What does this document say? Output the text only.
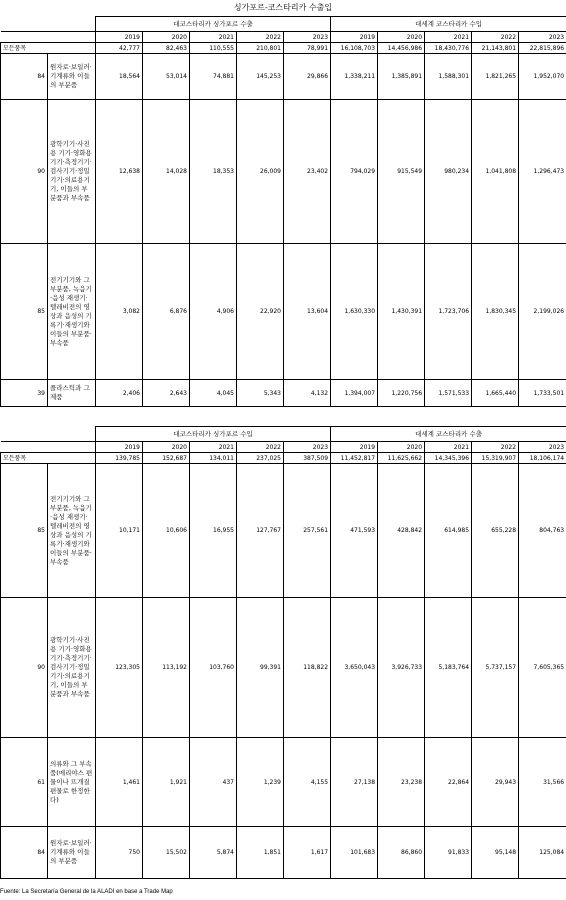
싱가포르-코스타리카 수출입
		대코스타리카 싱가포르 수출					대세계 코스타리카 수입				
		2019	2020	2021	2022	2023	2019	2020	2021	2022	2023
모든품목		42,777	82,463	110,555	210,801	78,991	16,108,703	14,456,986	18,430,776	21,143,801	22,815,896
84	원자로·보일러·기계류와 이들의 부분품	18,564	53,014	74,881	145,253	29,866	1,338,211	1,385,891	1,588,301	1,821,265	1,952,070
90	광학기기·사진용 기기·영화용 기기·측정기기·검사기기·정밀기기·의료용기기, 이들의 부분품과 부속품	12,638	14,028	18,353	26,009	23,402	794,029	915,549	980,234	1,041,808	1,296,473
85	전기기기와 그 부분품, 녹음기·음성 재생기·텔레비전의 영상과 음성의 기록기·재생기와 이들의 부분품·부속품	3,082	6,876	4,906	22,920	13,604	1,630,330	1,430,391	1,723,706	1,830,345	2,199,026
39	플라스틱과 그 제품	2,406	2,643	4,045	5,343	4,132	1,394,007	1,220,756	1,571,533	1,665,440	1,733,501
		대코스타리카 싱가포르 수입					대세계 코스타리카 수출				
		2019	2020	2021	2022	2023	2019	2020	2021	2022	2023
모든품목		139,785	152,687	134,011	237,025	387,509	11,452,817	11,625,662	14,345,396	15,319,907	18,106,174
85	전기기기와 그 부분품, 녹음기·음성 재생기·텔레비전의 영상과 음성의 기록기·재생기와 이들의 부분품·부속품	10,171	10,606	16,955	127,767	257,561	471,593	428,842	614,985	655,228	804,763
90	광학기기·사진용 기기·영화용 기기·측정기기·검사기기·정밀기기·의료용기기, 이들의 부분품과 부속품	123,305	113,192	103,760	99,391	118,822	3,650,043	3,926,733	5,183,764	5,737,157	7,605,365
61	의류와 그 부속품(메리야스 편물이나 뜨개질 편물로 한정한다)	1,461	1,921	437	1,239	4,155	27,138	23,238	22,864	29,943	31,566
84	원자로·보일러·기계류와 이들의 부분품	750	15,502	5,874	1,851	1,617	101,683	86,860	91,833	95,148	125,084
Fuente: La Secretaría General de la ALADI en base a Trade Map
